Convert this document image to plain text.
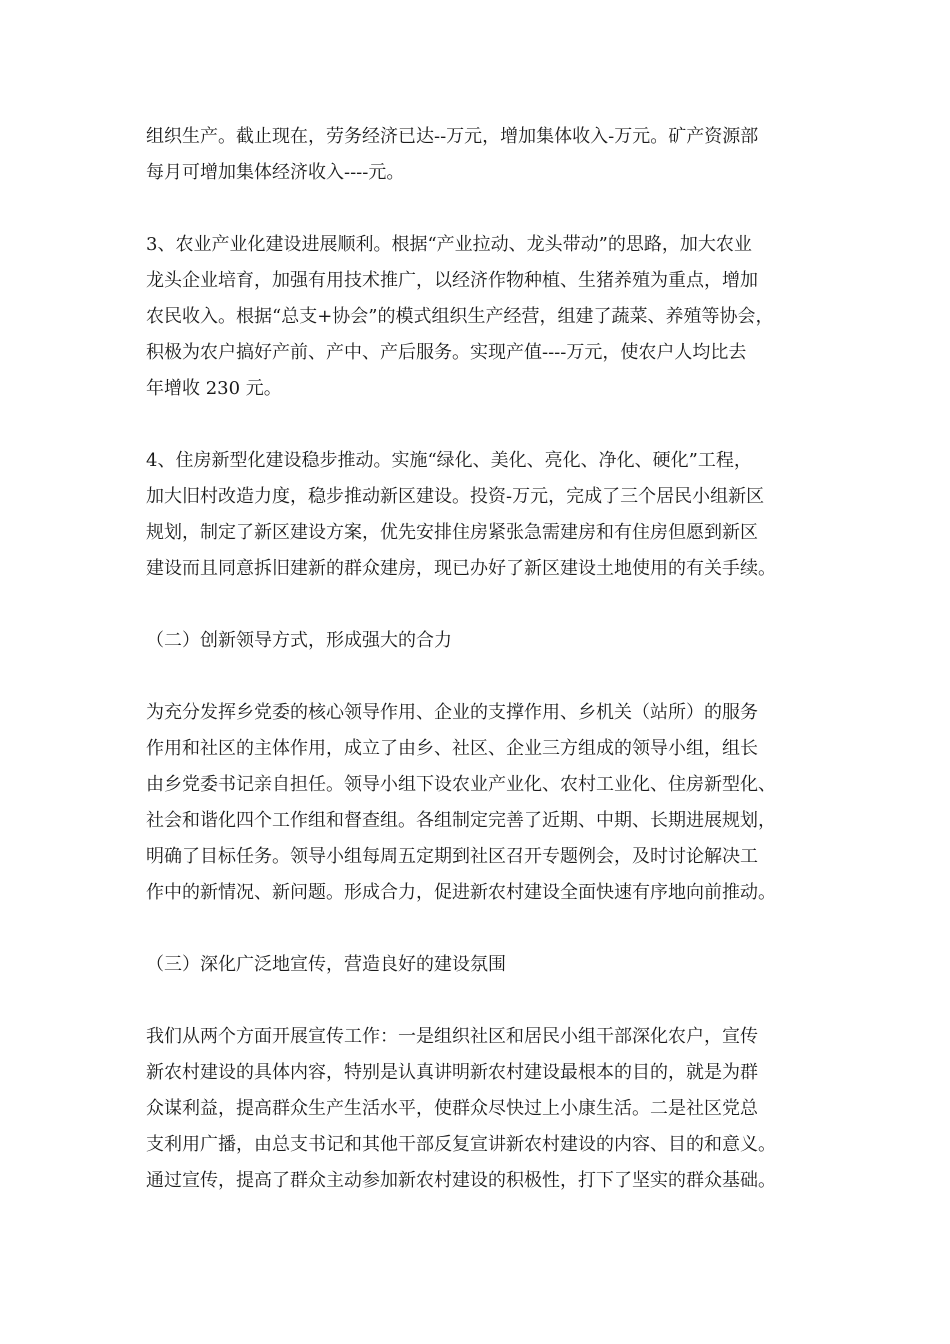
组织生产。截止现在，劳务经济已达--万元，增加集体收入-万元。矿产资源部
每月可增加集体经济收入----元。
3、农业产业化建设进展顺利。根据“产业拉动、龙头带动”的思路，加大农业
龙头企业培育，加强有用技术推广，以经济作物种植、生猪养殖为重点，增加
农民收入。根据“总支+协会”的模式组织生产经营，组建了蔬菜、养殖等协会，
积极为农户搞好产前、产中、产后服务。实现产值----万元，使农户人均比去
年增收 230 元。
4、住房新型化建设稳步推动。实施“绿化、美化、亮化、净化、硬化”工程，
加大旧村改造力度，稳步推动新区建设。投资-万元，完成了三个居民小组新区
规划，制定了新区建设方案，优先安排住房紧张急需建房和有住房但愿到新区
建设而且同意拆旧建新的群众建房，现已办好了新区建设土地使用的有关手续。
（二）创新领导方式，形成强大的合力
为充分发挥乡党委的核心领导作用、企业的支撑作用、乡机关（站所）的服务
作用和社区的主体作用，成立了由乡、社区、企业三方组成的领导小组，组长
由乡党委书记亲自担任。领导小组下设农业产业化、农村工业化、住房新型化、
社会和谐化四个工作组和督查组。各组制定完善了近期、中期、长期进展规划，
明确了目标任务。领导小组每周五定期到社区召开专题例会，及时讨论解决工
作中的新情况、新问题。形成合力，促进新农村建设全面快速有序地向前推动。
（三）深化广泛地宣传，营造良好的建设氛围
我们从两个方面开展宣传工作：一是组织社区和居民小组干部深化农户，宣传
新农村建设的具体内容，特别是认真讲明新农村建设最根本的目的，就是为群
众谋利益，提高群众生产生活水平，使群众尽快过上小康生活。二是社区党总
支利用广播，由总支书记和其他干部反复宣讲新农村建设的内容、目的和意义。
通过宣传，提高了群众主动参加新农村建设的积极性，打下了坚实的群众基础。
